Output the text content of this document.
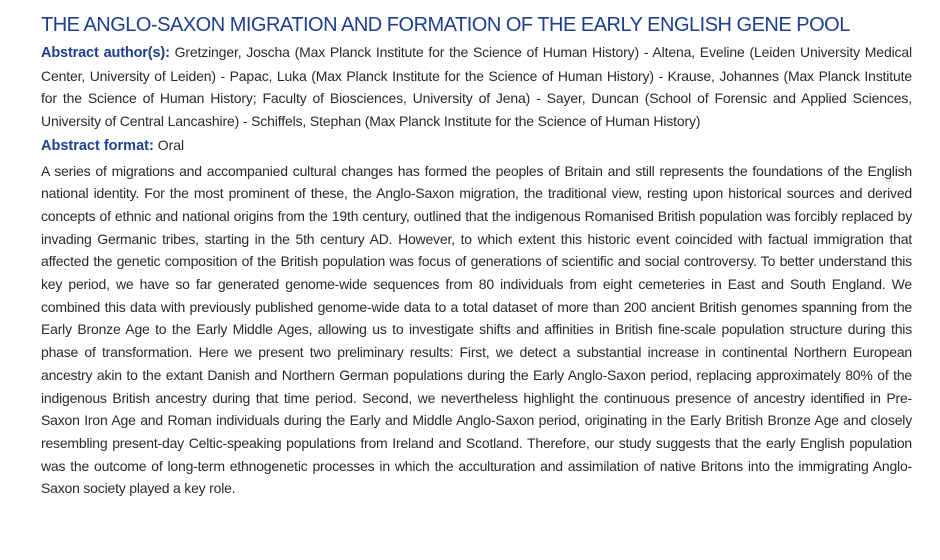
THE ANGLO-SAXON MIGRATION AND FORMATION OF THE EARLY ENGLISH GENE POOL

Abstract author(s): Gretzinger, Joscha (Max Planck Institute for the Science of Human History) - Altena, Eveline (Leiden University Medical Center, University of Leiden) - Papac, Luka (Max Planck Institute for the Science of Human History) - Krause, Johannes (Max Planck Institute for the Science of Human History; Faculty of Biosciences, University of Jena) - Sayer, Duncan (School of Forensic and Applied Sciences, University of Central Lancashire) - Schiffels, Stephan (Max Planck Institute for the Science of Human History)

Abstract format: Oral

A series of migrations and accompanied cultural changes has formed the peoples of Britain and still represents the foundations of the English national identity. For the most prominent of these, the Anglo-Saxon migration, the traditional view, resting upon historical sources and derived concepts of ethnic and national origins from the 19th century, outlined that the indigenous Romanised British population was forcibly replaced by invading Germanic tribes, starting in the 5th century AD. However, to which extent this historic event coincided with factual immigration that affected the genetic composition of the British population was focus of generations of scientific and social controversy. To better understand this key period, we have so far generated genome-wide sequences from 80 individuals from eight cemeteries in East and South England. We combined this data with previously published genome-wide data to a total dataset of more than 200 ancient British genomes spanning from the Early Bronze Age to the Early Middle Ages, allowing us to investigate shifts and affinities in British fine-scale population structure during this phase of transformation. Here we present two preliminary results: First, we detect a substantial increase in continental Northern European ancestry akin to the extant Danish and Northern German populations during the Early Anglo-Saxon period, replacing approximately 80% of the indigenous British ancestry during that time period. Second, we nevertheless highlight the continuous presence of ancestry identified in Pre-Saxon Iron Age and Roman individuals during the Early and Middle Anglo-Saxon period, originating in the Early British Bronze Age and closely resembling present-day Celtic-speaking populations from Ireland and Scotland. Therefore, our study suggests that the early English population was the outcome of long-term ethnogenetic processes in which the acculturation and assimilation of native Britons into the immigrating Anglo-Saxon society played a key role.
